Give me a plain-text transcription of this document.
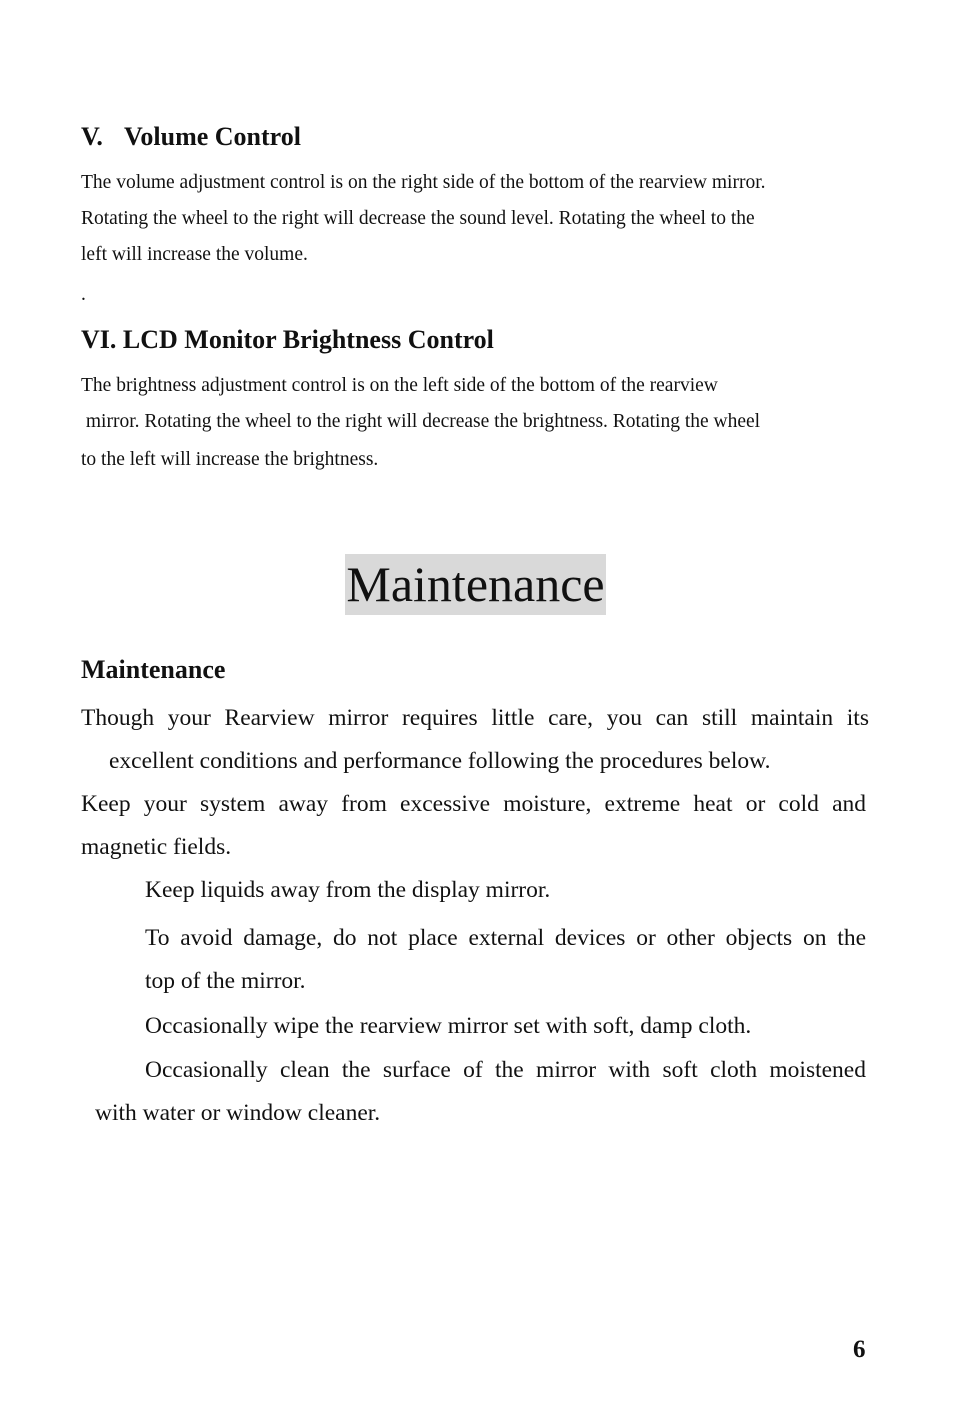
V. Volume Control
The volume adjustment control is on the right side of the bottom of the rearview mirror.
Rotating the wheel to the right will decrease the sound level. Rotating the wheel to the
left will increase the volume.
.
VI. LCD Monitor Brightness Control
The brightness adjustment control is on the left side of the bottom of the rearview
mirror. Rotating the wheel to the right will decrease the brightness. Rotating the wheel
to the left will increase the brightness.
Maintenance
Maintenance
Though your Rearview mirror requires little care, you can still maintain its
excellent conditions and performance following the procedures below.
Keep your system away from excessive moisture, extreme heat or cold and
magnetic fields.
Keep liquids away from the display mirror.
To avoid damage, do not place external devices or other objects on the
top of the mirror.
Occasionally wipe the rearview mirror set with soft, damp cloth.
Occasionally clean the surface of the mirror with soft cloth moistened
with water or window cleaner.
6
